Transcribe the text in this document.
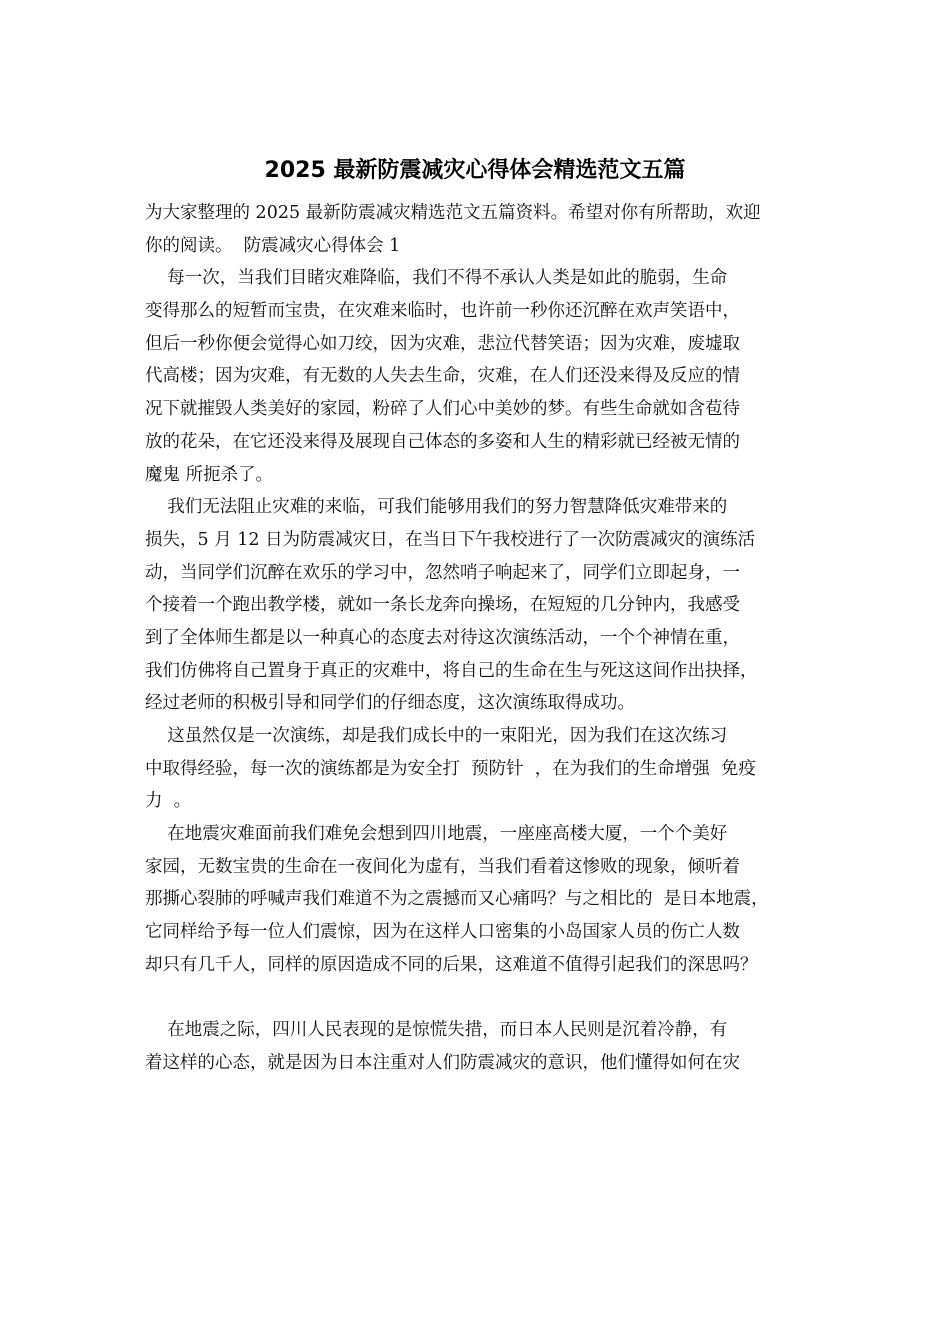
2025 最新防震减灾心得体会精选范文五篇
为大家整理的 2025 最新防震减灾精选范文五篇资料。希望对你有所帮助，欢迎
你的阅读。  防震减灾心得体会 1
每一次，当我们目睹灾难降临，我们不得不承认人类是如此的脆弱，生命
变得那么的短暂而宝贵，在灾难来临时，也许前一秒你还沉醉在欢声笑语中，
但后一秒你便会觉得心如刀绞，因为灾难，悲泣代替笑语；因为灾难，废墟取
代高楼；因为灾难，有无数的人失去生命，灾难，在人们还没来得及反应的情
况下就摧毁人类美好的家园，粉碎了人们心中美妙的梦。有些生命就如含苞待
放的花朵，在它还没来得及展现自己体态的多姿和人生的精彩就已经被无情的
魔鬼 所扼杀了。
我们无法阻止灾难的来临，可我们能够用我们的努力智慧降低灾难带来的
损失，5 月 12 日为防震减灾日，在当日下午我校进行了一次防震减灾的演练活
动，当同学们沉醉在欢乐的学习中，忽然哨子响起来了，同学们立即起身，一
个接着一个跑出教学楼，就如一条长龙奔向操场，在短短的几分钟内，我感受
到了全体师生都是以一种真心的态度去对待这次演练活动，一个个神情在重，
我们仿佛将自己置身于真正的灾难中，将自己的生命在生与死这这间作出抉择，
经过老师的积极引导和同学们的仔细态度，这次演练取得成功。
这虽然仅是一次演练，却是我们成长中的一束阳光，因为我们在这次练习
中取得经验，每一次的演练都是为安全打  预防针  ，在为我们的生命增强  免疫
力  。
在地震灾难面前我们难免会想到四川地震，一座座高楼大厦，一个个美好
家园，无数宝贵的生命在一夜间化为虚有，当我们看着这惨败的现象，倾听着
那撕心裂肺的呼喊声我们难道不为之震撼而又心痛吗？与之相比的  是日本地震，
它同样给予每一位人们震惊，因为在这样人口密集的小岛国家人员的伤亡人数
却只有几千人，同样的原因造成不同的后果，这难道不值得引起我们的深思吗？
在地震之际，四川人民表现的是惊慌失措，而日本人民则是沉着冷静，有
着这样的心态，就是因为日本注重对人们防震减灾的意识，他们懂得如何在灾
